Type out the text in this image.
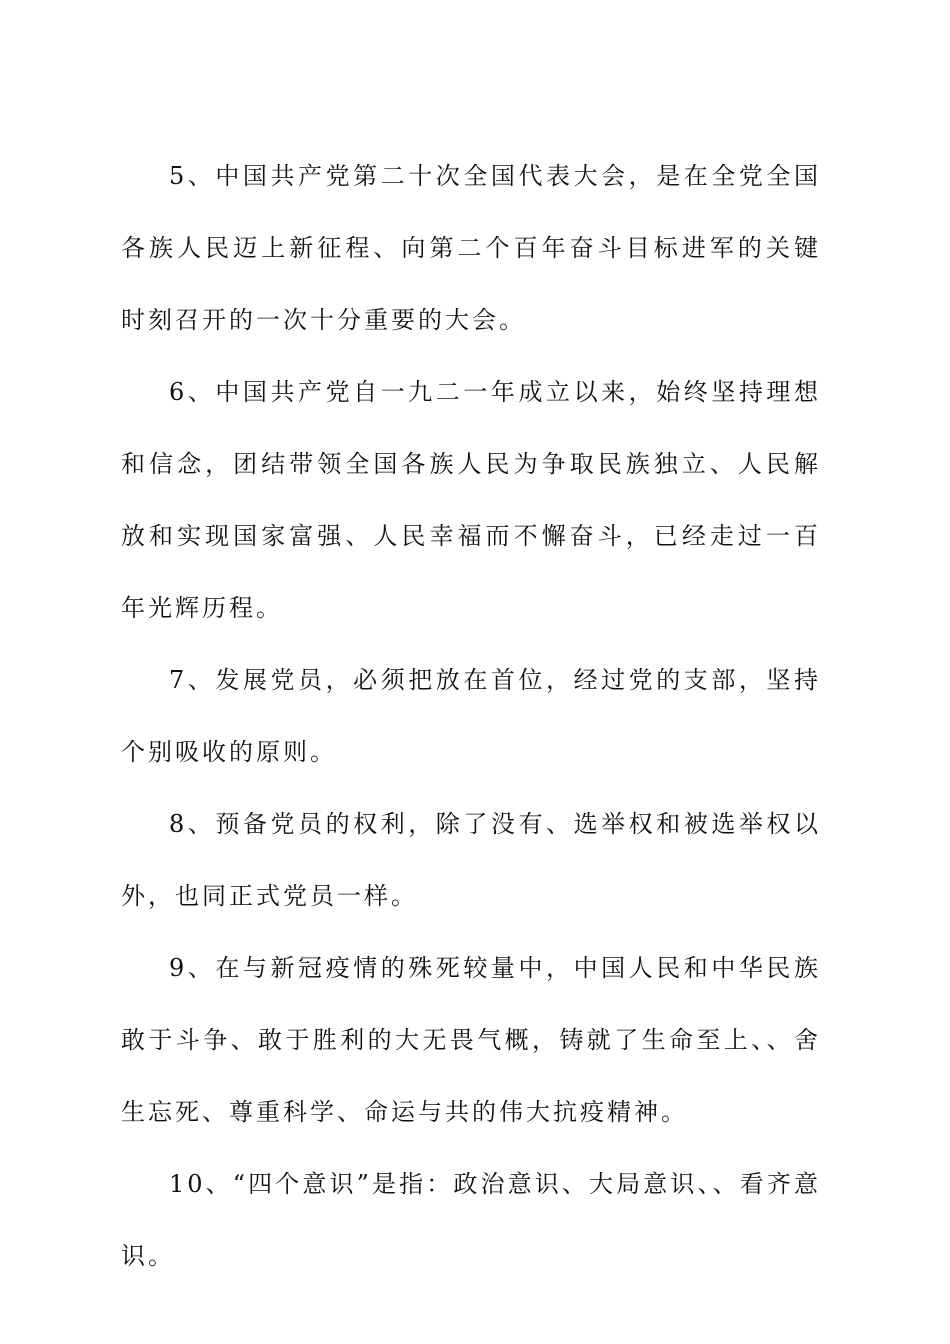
5、中国共产党第二十次全国代表大会，是在全党全国各族人民迈上新征程、向第二个百年奋斗目标进军的关键时刻召开的一次十分重要的大会。

6、中国共产党自一九二一年成立以来，始终坚持理想和信念，团结带领全国各族人民为争取民族独立、人民解放和实现国家富强、人民幸福而不懈奋斗，已经走过一百年光辉历程。

7、发展党员，必须把放在首位，经过党的支部，坚持个别吸收的原则。

8、预备党员的权利，除了没有、选举权和被选举权以外，也同正式党员一样。

9、在与新冠疫情的殊死较量中，中国人民和中华民族敢于斗争、敢于胜利的大无畏气概，铸就了生命至上、、舍生忘死、尊重科学、命运与共的伟大抗疫精神。

10、“四个意识”是指：政治意识、大局意识、、看齐意识。
